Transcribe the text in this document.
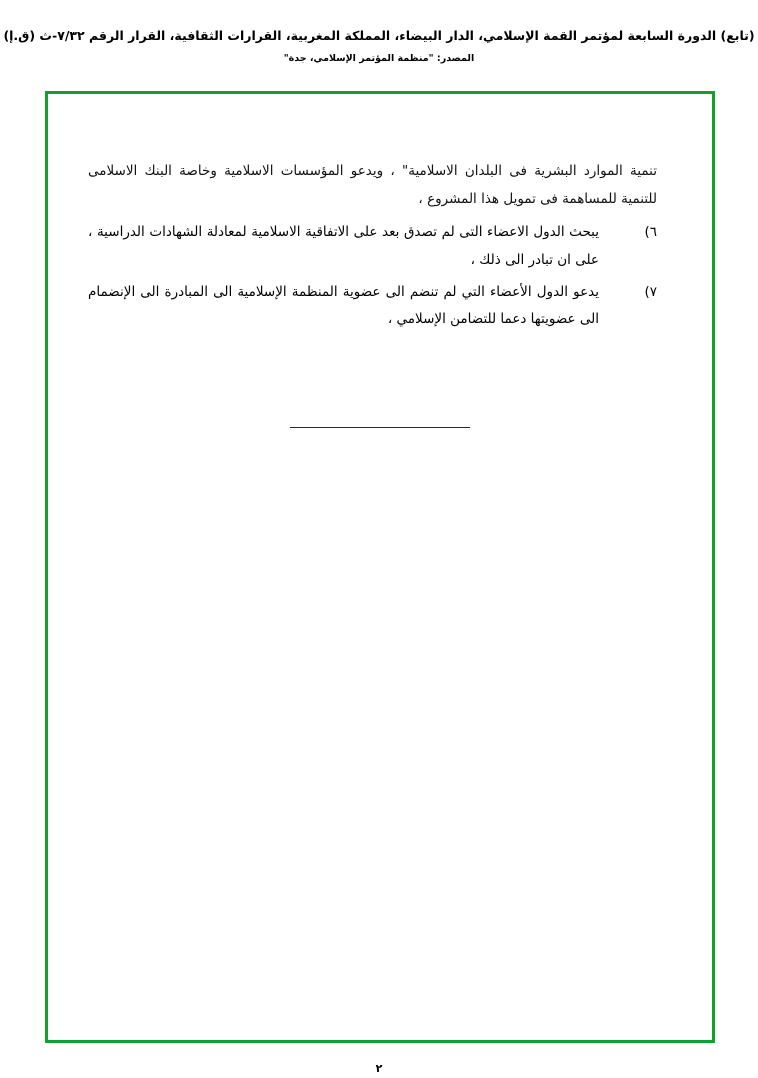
(تابع) الدورة السابعة لمؤتمر القمة الإسلامي، الدار البيضاء، المملكة المغربية، القرارات الثقافية، القرار الرقم ٧/٣٢-ث (ق.إ)
المصدر: "منظمة المؤتمر الإسلامي، جدة"
تنمية الموارد البشرية فى البلدان الاسلامية" ، ويدعو المؤسسات الاسلامية وخاصة البنك الاسلامى للتنمية للمساهمة فى تمويل هذا المشروع ،
٦)
يبحث الدول الاعضاء التى لم تصدق بعد على الاتفاقية الاسلامية لمعادلة الشهادات الدراسية ، على ان تبادر الى ذلك ،
٧)
يدعو الدول الأعضاء التي لم تنضم الى عضوية المنظمة الإسلامية الى المبادرة الى الإنضمام الى عضويتها دعما للتضامن الإسلامي ،
٢
